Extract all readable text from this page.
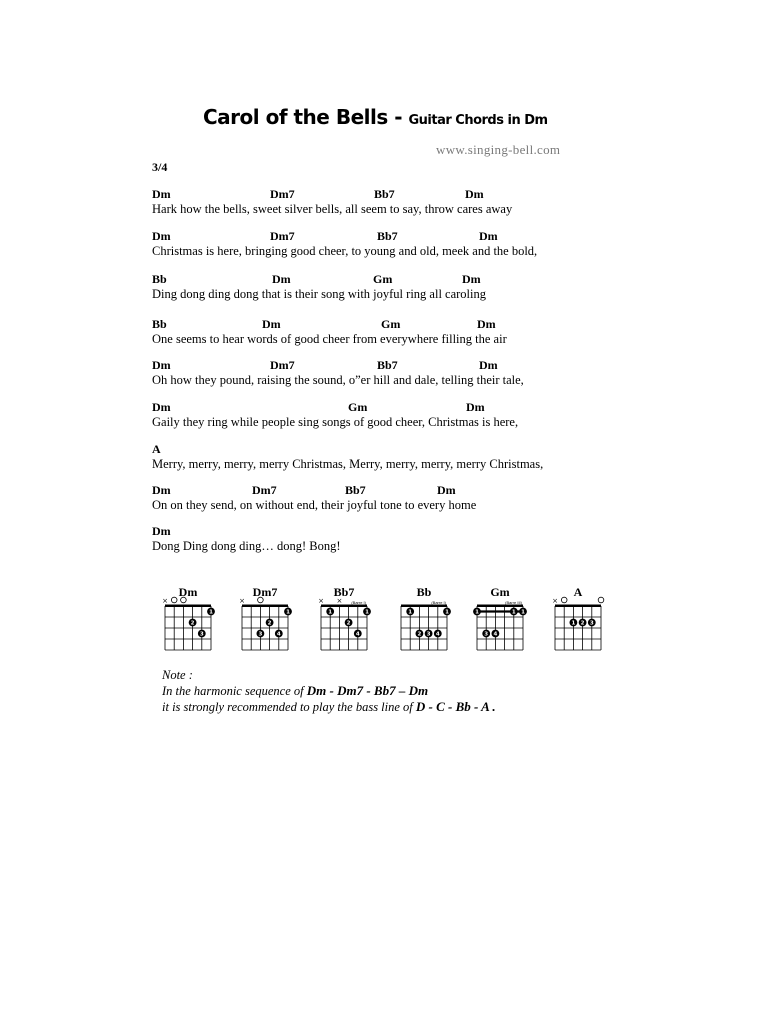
Carol of the Bells - Guitar Chords in Dm
www.singing-bell.com
3/4
Dm	Dm7	Bb7	Dm
Hark how the bells, sweet silver bells, all seem to say, throw cares away
Dm	Dm7	Bb7	Dm
Christmas is here, bringing good cheer, to young and old, meek and the bold,
Bb	Dm	Gm	Dm
Ding dong ding dong that is their song with joyful ring all caroling
Bb	Dm	Gm	Dm
One seems to hear words of good cheer from everywhere filling the air
Dm	Dm7	Bb7	Dm
Oh how they pound, raising the sound, o”er hill and dale, telling their tale,
Dm	Gm	Dm
Gaily they ring while people sing songs of good cheer, Christmas is here,
A
Merry, merry, merry, merry Christmas, Merry, merry, merry, merry Christmas,
Dm	Dm7	Bb7	Dm
On on they send, on without end, their joyful tone to every home
Dm
Dong Ding dong ding… dong! Bong!
Dm
×
1
2
3
Dm7
×
1
2
3	4
Bb7
(Barre I)
× ×
1	1
2
4
Bb
(Barre I)
1	1
2 3 4
Gm
(Barre III)
1	1 1
3 4
A
×
1 2 3
Note :
In the harmonic sequence of Dm - Dm7 - Bb7 – Dm
it is strongly recommended to play the bass line of D - C - Bb - A .
